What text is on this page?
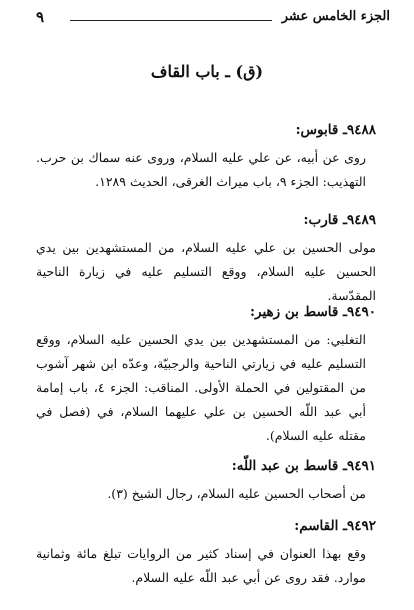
الجزء الخامس عشر
٩
(ق) ـ باب القاف

٩٤٨٨ـ قابوس:

روى عن أبيه، عن علي عليه السلام، وروى عنه سماك بن حرب. التهذيب: الجزء ٩، باب ميراث الغرقى، الحديث ١٢٨٩.

٩٤٨٩ـ قارب:

مولى الحسين بن علي عليه السلام، من المستشهدين بين يدي الحسين عليه السلام، ووقع التسليم عليه في زيارة الناحية المقدّسة.

٩٤٩٠ـ قاسط بن زهير:

التغلبي: من المستشهدين بين يدي الحسين عليه السلام، ووقع التسليم عليه في زيارتي الناحية والرجبيّة، وعدّه ابن شهر آشوب من المقتولين في الحملة الأولى. المناقب: الجزء ٤، باب إمامة أبي عبد اللّه الحسين بن علي عليهما السلام، في (فصل في مقتله عليه السلام).

٩٤٩١ـ قاسط بن عبد اللّه:

من أصحاب الحسين عليه السلام، رجال الشيخ (٣).

٩٤٩٢ـ القاسم:

وقع بهذا العنوان في إسناد كثير من الروايات تبلغ مائة وثمانية موارد. فقد روى عن أبي عبد اللّه عليه السلام.
